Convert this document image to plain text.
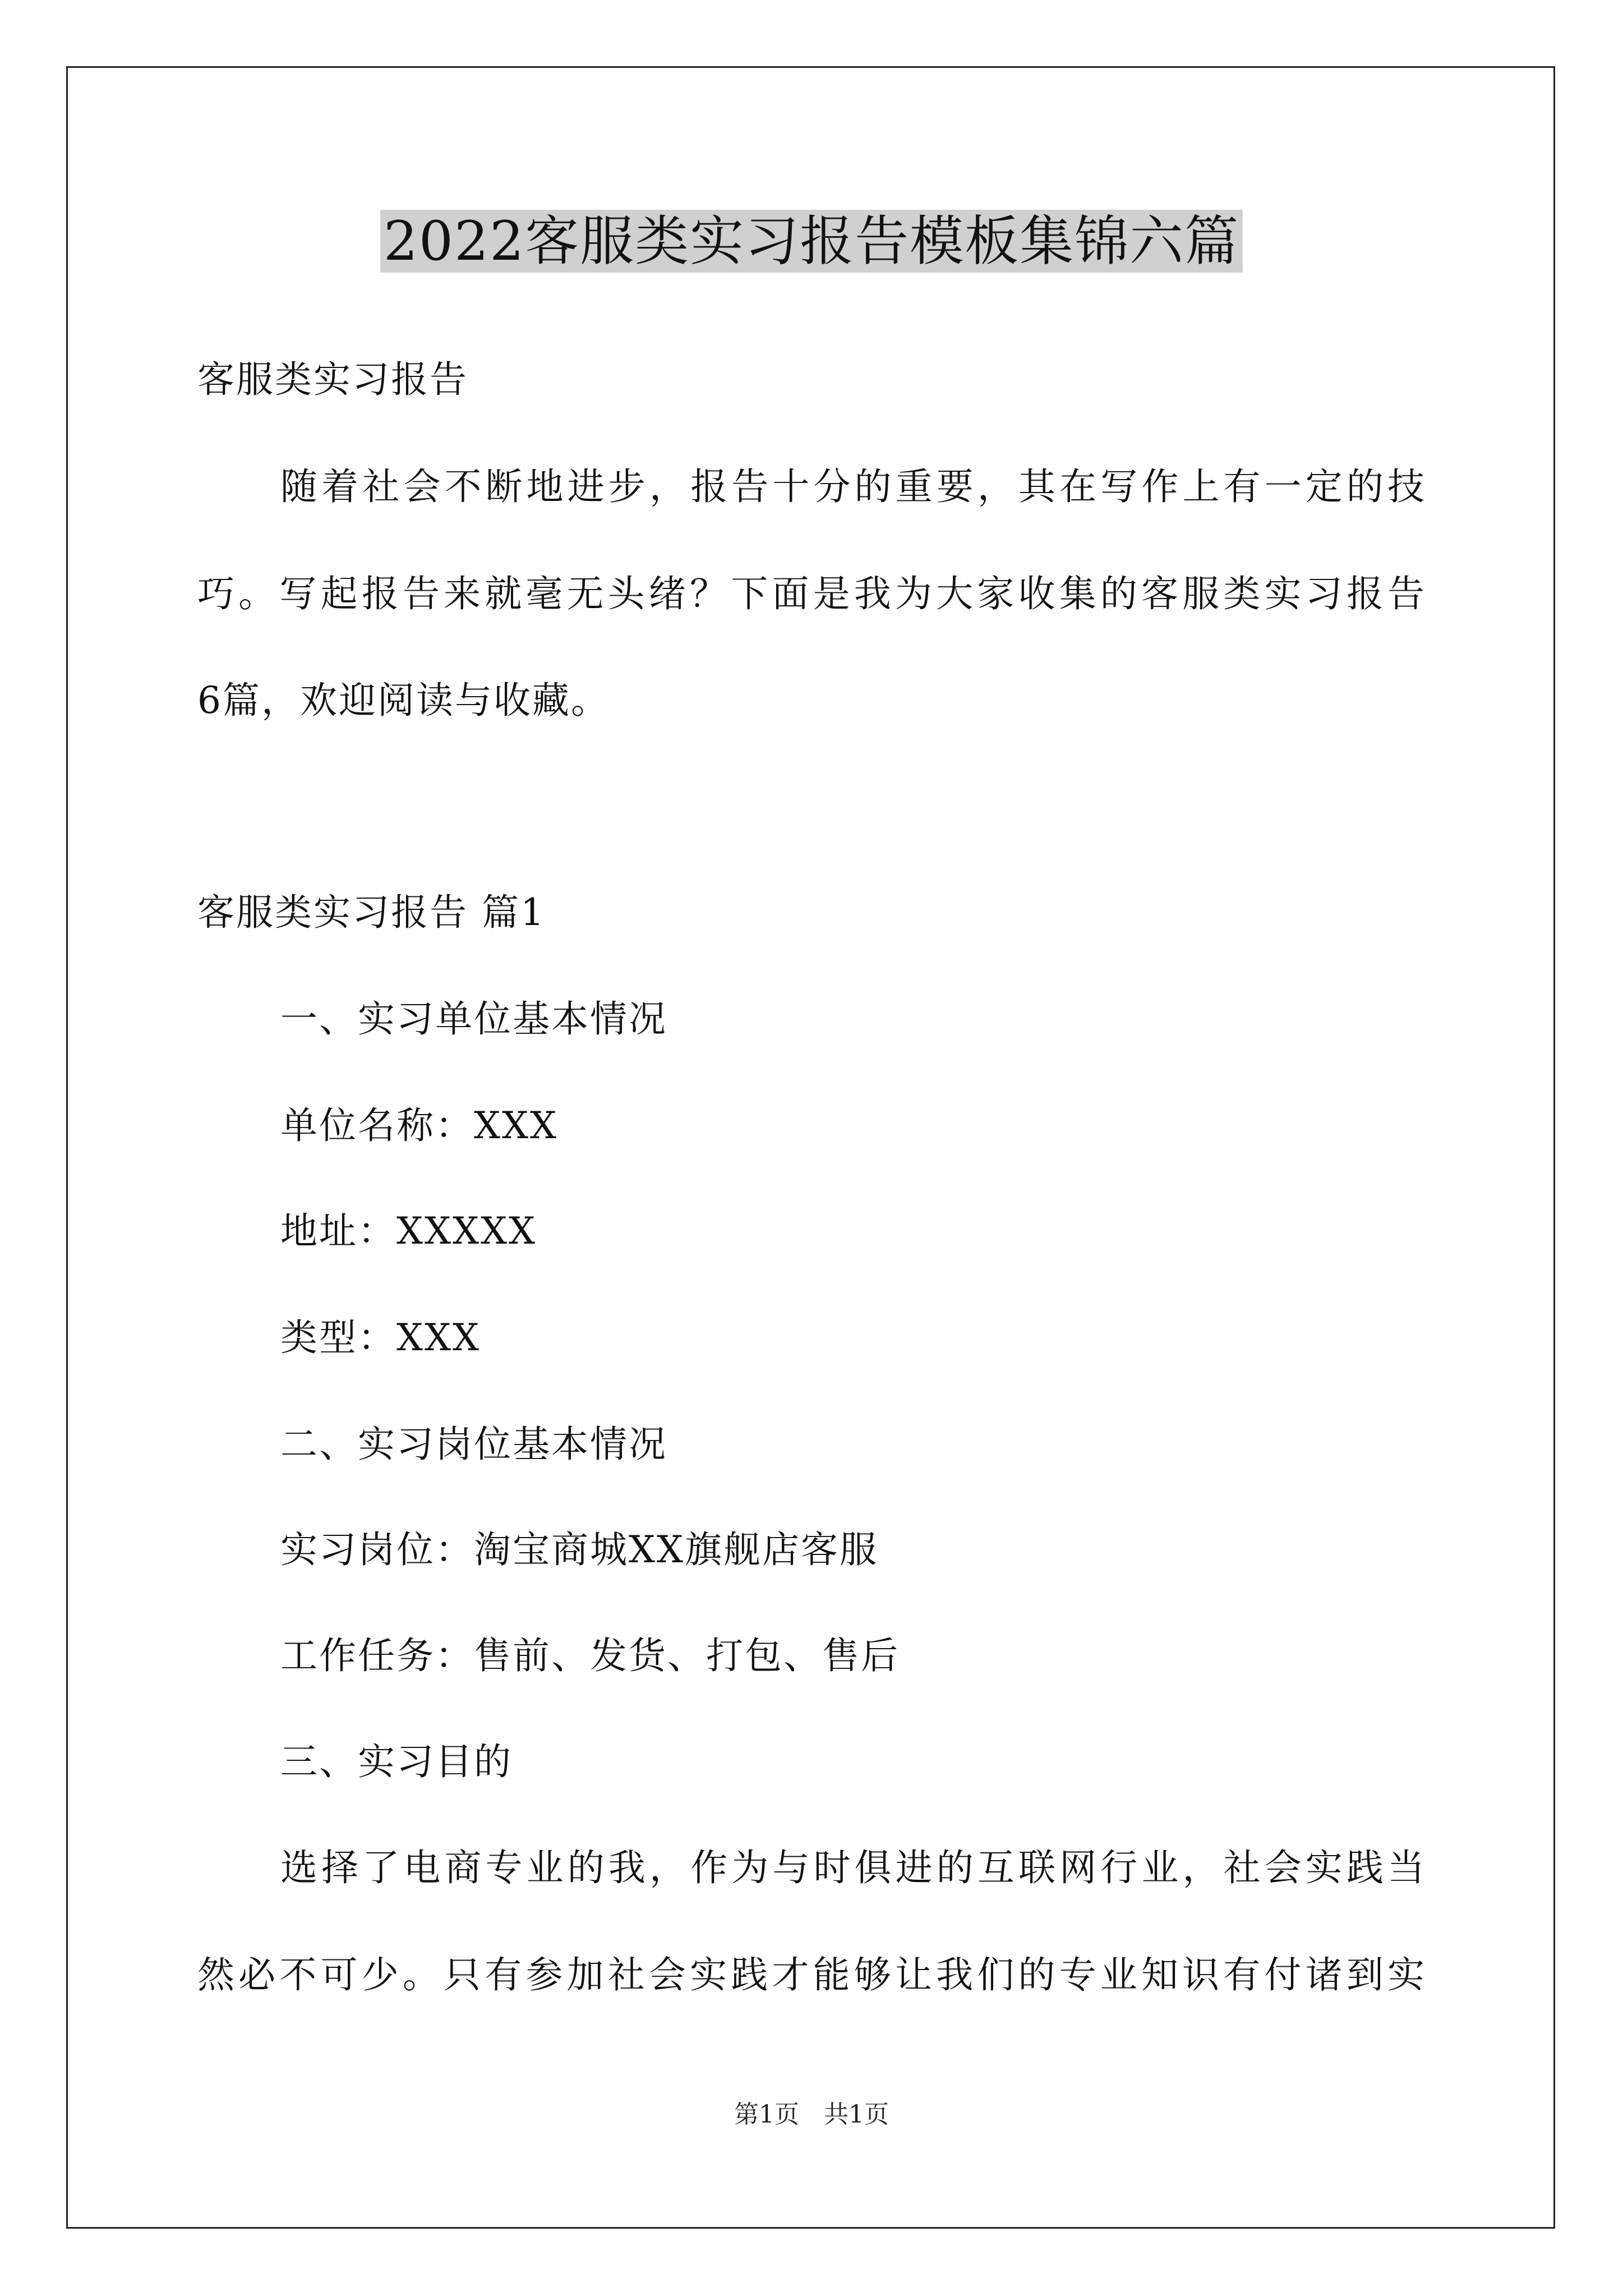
2022客服类实习报告模板集锦六篇
客服类实习报告
随着社会不断地进步，报告十分的重要，其在写作上有一定的技
巧。写起报告来就毫无头绪？下面是我为大家收集的客服类实习报告
6篇，欢迎阅读与收藏。
客服类实习报告 篇1
一、实习单位基本情况
单位名称：XXX
地址：XXXXX
类型：XXX
二、实习岗位基本情况
实习岗位：淘宝商城XX旗舰店客服
工作任务：售前、发货、打包、售后
三、实习目的
选择了电商专业的我，作为与时俱进的互联网行业，社会实践当
然必不可少。只有参加社会实践才能够让我们的专业知识有付诸到实
第1页　共1页
